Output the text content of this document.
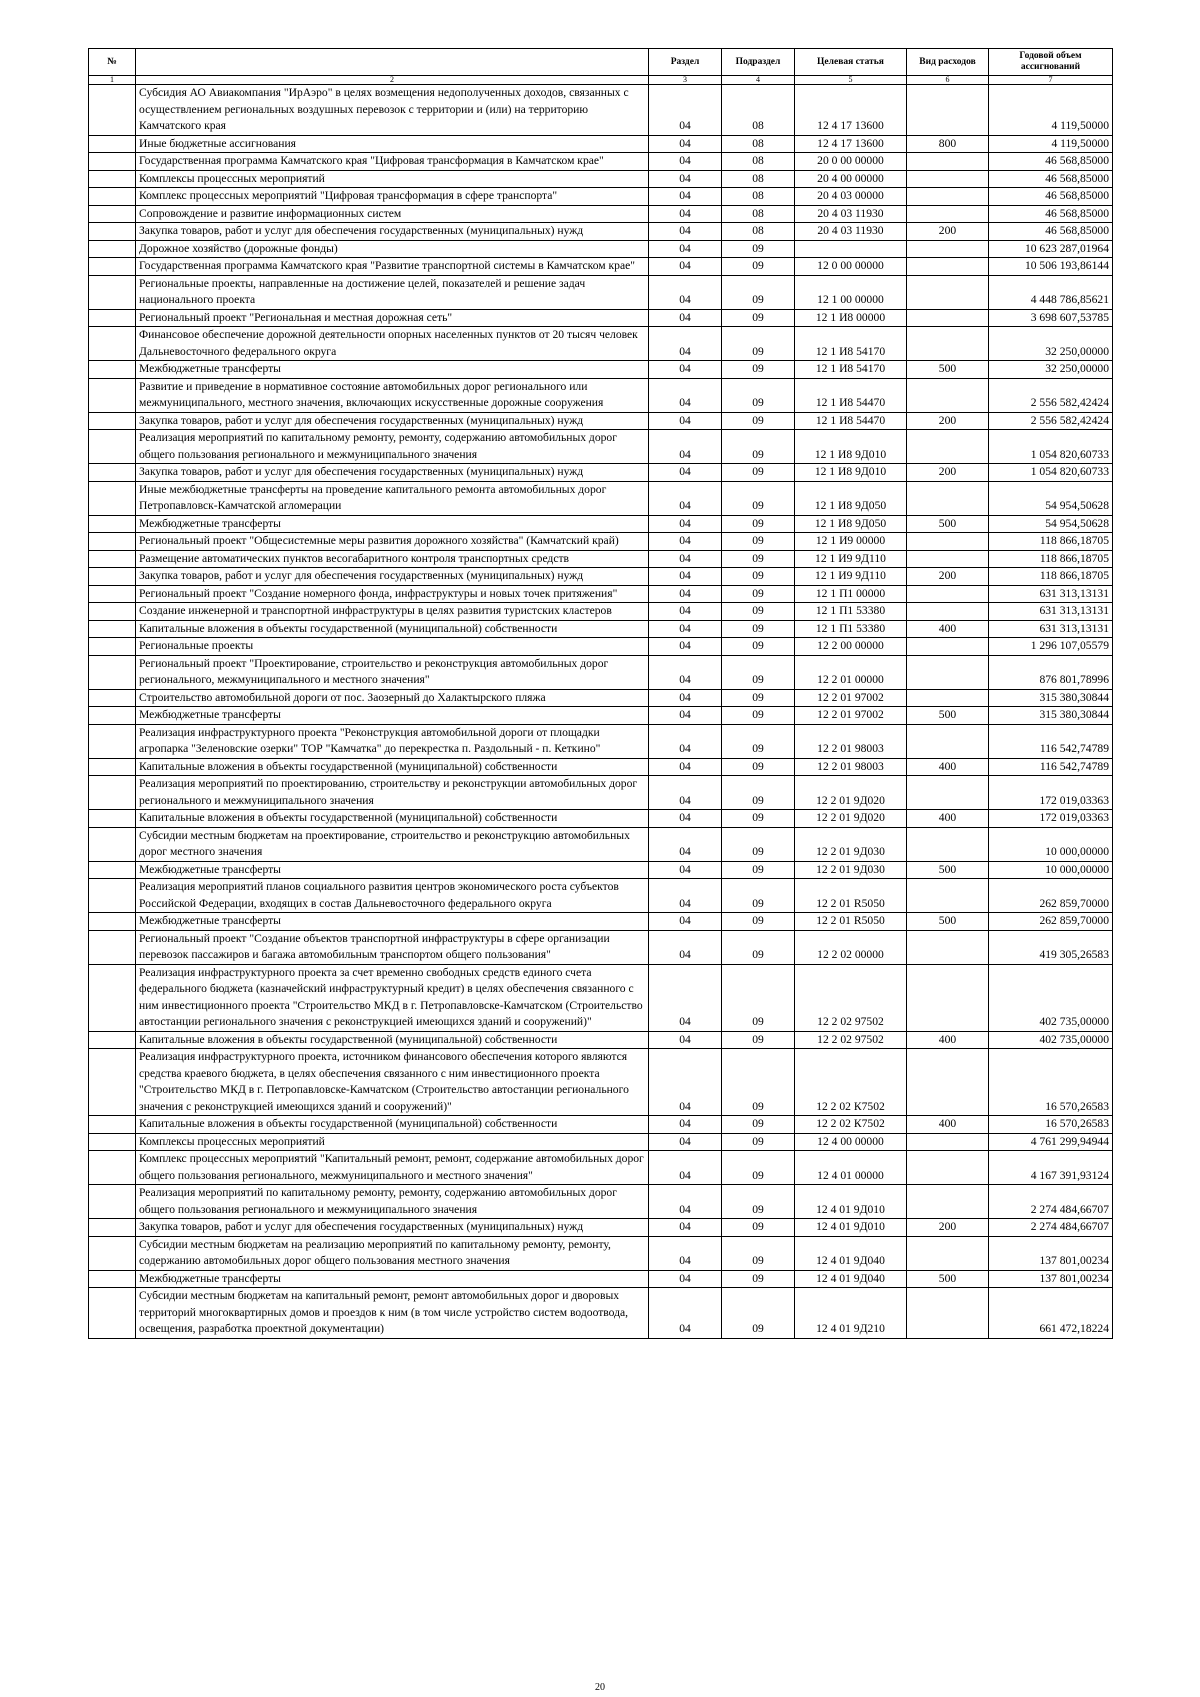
№		Раздел	Подраздел	Целевая статья	Вид расходов	Годовой объем ассигнований
1	2	3	4	5	6	7
	Субсидия АО Авиакомпания "ИрАэро" в целях возмещения недополученных доходов, связанных с осуществлением региональных воздушных перевозок с территории и (или) на территорию Камчатского края	04	08	12 4 17 13600		4 119,50000
	Иные бюджетные ассигнования	04	08	12 4 17 13600	800	4 119,50000
	Государственная программа Камчатского края "Цифровая трансформация в Камчатском крае"	04	08	20 0 00 00000		46 568,85000
	Комплексы процессных мероприятий	04	08	20 4 00 00000		46 568,85000
	Комплекс процессных мероприятий "Цифровая трансформация в сфере транспорта"	04	08	20 4 03 00000		46 568,85000
	Сопровождение и развитие информационных систем	04	08	20 4 03 11930		46 568,85000
	Закупка товаров, работ и услуг для обеспечения государственных (муниципальных) нужд	04	08	20 4 03 11930	200	46 568,85000
	Дорожное хозяйство (дорожные фонды)	04	09			10 623 287,01964
	Государственная программа Камчатского края "Развитие транспортной системы в Камчатском крае"	04	09	12 0 00 00000		10 506 193,86144
	Региональные проекты, направленные на достижение целей, показателей и решение задач национального проекта	04	09	12 1 00 00000		4 448 786,85621
	Региональный проект "Региональная и местная дорожная сеть"	04	09	12 1 И8 00000		3 698 607,53785
	Финансовое обеспечение дорожной деятельности опорных населенных пунктов от 20 тысяч человек Дальневосточного федерального округа	04	09	12 1 И8 54170		32 250,00000
	Межбюджетные трансферты	04	09	12 1 И8 54170	500	32 250,00000
	Развитие и приведение в нормативное состояние автомобильных дорог регионального или межмуниципального, местного значения, включающих искусственные дорожные сооружения	04	09	12 1 И8 54470		2 556 582,42424
	Закупка товаров, работ и услуг для обеспечения государственных (муниципальных) нужд	04	09	12 1 И8 54470	200	2 556 582,42424
	Реализация мероприятий по капитальному ремонту, ремонту, содержанию автомобильных дорог общего пользования регионального и межмуниципального значения	04	09	12 1 И8 9Д010		1 054 820,60733
	Закупка товаров, работ и услуг для обеспечения государственных (муниципальных) нужд	04	09	12 1 И8 9Д010	200	1 054 820,60733
	Иные межбюджетные трансферты на проведение капитального ремонта автомобильных дорог Петропавловск-Камчатской агломерации	04	09	12 1 И8 9Д050		54 954,50628
	Межбюджетные трансферты	04	09	12 1 И8 9Д050	500	54 954,50628
	Региональный проект "Общесистемные меры развития дорожного хозяйства" (Камчатский край)	04	09	12 1 И9 00000		118 866,18705
	Размещение автоматических пунктов весогабаритного контроля транспортных средств	04	09	12 1 И9 9Д110		118 866,18705
	Закупка товаров, работ и услуг для обеспечения государственных (муниципальных) нужд	04	09	12 1 И9 9Д110	200	118 866,18705
	Региональный проект "Создание номерного фонда, инфраструктуры и новых точек притяжения"	04	09	12 1 П1 00000		631 313,13131
	Создание инженерной и транспортной инфраструктуры в целях развития туристских кластеров	04	09	12 1 П1 53380		631 313,13131
	Капитальные вложения в объекты государственной (муниципальной) собственности	04	09	12 1 П1 53380	400	631 313,13131
	Региональные проекты	04	09	12 2 00 00000		1 296 107,05579
	Региональный проект "Проектирование, строительство и реконструкция автомобильных дорог регионального, межмуниципального и местного значения"	04	09	12 2 01 00000		876 801,78996
	Строительство автомобильной дороги от пос. Заозерный до Халактырского пляжа	04	09	12 2 01 97002		315 380,30844
	Межбюджетные трансферты	04	09	12 2 01 97002	500	315 380,30844
	Реализация инфраструктурного проекта "Реконструкция автомобильной дороги от площадки агропарка "Зеленовские озерки" ТОР "Камчатка" до перекрестка п. Раздольный - п. Кеткино"	04	09	12 2 01 98003		116 542,74789
	Капитальные вложения в объекты государственной (муниципальной) собственности	04	09	12 2 01 98003	400	116 542,74789
	Реализация мероприятий по проектированию, строительству и реконструкции автомобильных дорог регионального и межмуниципального значения	04	09	12 2 01 9Д020		172 019,03363
	Капитальные вложения в объекты государственной (муниципальной) собственности	04	09	12 2 01 9Д020	400	172 019,03363
	Субсидии местным бюджетам на проектирование, строительство и реконструкцию автомобильных дорог местного значения	04	09	12 2 01 9Д030		10 000,00000
	Межбюджетные трансферты	04	09	12 2 01 9Д030	500	10 000,00000
	Реализация мероприятий планов социального развития центров экономического роста субъектов Российской Федерации, входящих в состав Дальневосточного федерального округа	04	09	12 2 01 R5050		262 859,70000
	Межбюджетные трансферты	04	09	12 2 01 R5050	500	262 859,70000
	Региональный проект "Создание объектов транспортной инфраструктуры в сфере организации перевозок пассажиров и багажа автомобильным транспортом общего пользования"	04	09	12 2 02 00000		419 305,26583
	Реализация инфраструктурного проекта за счет временно свободных средств единого счета федерального бюджета (казначейский инфраструктурный кредит) в целях обеспечения связанного с ним инвестиционного проекта "Строительство МКД в г. Петропавловске-Камчатском (Строительство автостанции регионального значения с реконструкцией имеющихся зданий и сооружений)"	04	09	12 2 02 97502		402 735,00000
	Капитальные вложения в объекты государственной (муниципальной) собственности	04	09	12 2 02 97502	400	402 735,00000
	Реализация инфраструктурного проекта, источником финансового обеспечения которого являются средства краевого бюджета, в целях обеспечения связанного с ним инвестиционного проекта "Строительство МКД в г. Петропавловске-Камчатском (Строительство автостанции регионального значения с реконструкцией имеющихся зданий и сооружений)"	04	09	12 2 02 К7502		16 570,26583
	Капитальные вложения в объекты государственной (муниципальной) собственности	04	09	12 2 02 К7502	400	16 570,26583
	Комплексы процессных мероприятий	04	09	12 4 00 00000		4 761 299,94944
	Комплекс процессных мероприятий "Капитальный ремонт, ремонт, содержание автомобильных дорог общего пользования регионального, межмуниципального и местного значения"	04	09	12 4 01 00000		4 167 391,93124
	Реализация мероприятий по капитальному ремонту, ремонту, содержанию автомобильных дорог общего пользования регионального и межмуниципального значения	04	09	12 4 01 9Д010		2 274 484,66707
	Закупка товаров, работ и услуг для обеспечения государственных (муниципальных) нужд	04	09	12 4 01 9Д010	200	2 274 484,66707
	Субсидии местным бюджетам на реализацию мероприятий по капитальному ремонту, ремонту, содержанию автомобильных дорог общего пользования местного значения	04	09	12 4 01 9Д040		137 801,00234
	Межбюджетные трансферты	04	09	12 4 01 9Д040	500	137 801,00234
	Субсидии местным бюджетам на капитальный ремонт, ремонт автомобильных дорог и дворовых территорий многоквартирных домов и проездов к ним (в том числе устройство систем водоотвода, освещения, разработка проектной документации)	04	09	12 4 01 9Д210		661 472,18224
20
